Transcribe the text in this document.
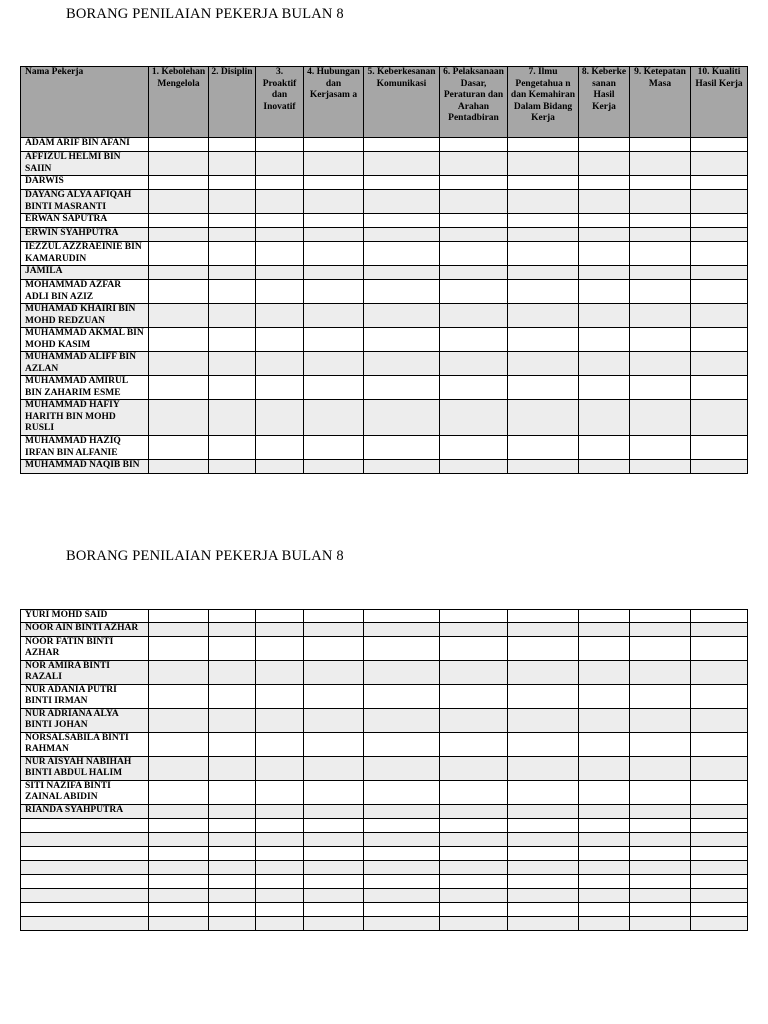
BORANG PENILAIAN PEKERJA BULAN 8
Nama Pekerja	1. Kebolehan Mengelola	2. Disiplin	3. Proaktif dan Inovatif	4. Hubungan dan Kerjasam a	5. Keberkesanan Komunikasi	6. Pelaksanaan Dasar, Peraturan dan Arahan Pentadbiran	7. Ilmu Pengetahua n dan Kemahiran Dalam Bidang Kerja	8. Keberke sanan Hasil Kerja	9. Ketepatan Masa	10. Kualiti Hasil Kerja
ADAM ARIF BIN AFANI										
AFFIZUL HELMI BIN SAIIN										
DARWIS										
DAYANG ALYA AFIQAH BINTI MASRANTI										
ERWAN SAPUTRA										
ERWIN SYAHPUTRA										
IEZZUL AZZRAEINIE BIN KAMARUDIN										
JAMILA										
MOHAMMAD AZFAR ADLI BIN AZIZ										
MUHAMAD KHAIRI BIN MOHD REDZUAN										
MUHAMMAD AKMAL BIN MOHD KASIM										
MUHAMMAD ALIFF BIN AZLAN										
MUHAMMAD AMIRUL BIN ZAHARIM ESME										
MUHAMMAD HAFIY HARITH BIN MOHD RUSLI										
MUHAMMAD HAZIQ IRFAN BIN ALFANIE										
MUHAMMAD NAQIB BIN										
BORANG PENILAIAN PEKERJA BULAN 8
YURI MOHD SAID										
NOOR AIN BINTI AZHAR										
NOOR FATIN BINTI AZHAR										
NOR AMIRA BINTI RAZALI										
NUR ADANIA PUTRI BINTI IRMAN										
NUR ADRIANA ALYA BINTI JOHAN										
NORSALSABILA BINTI RAHMAN										
NUR AISYAH NABIHAH BINTI ABDUL HALIM										
SITI NAZIFA BINTI ZAINAL ABIDIN										
RIANDA SYAHPUTRA										
